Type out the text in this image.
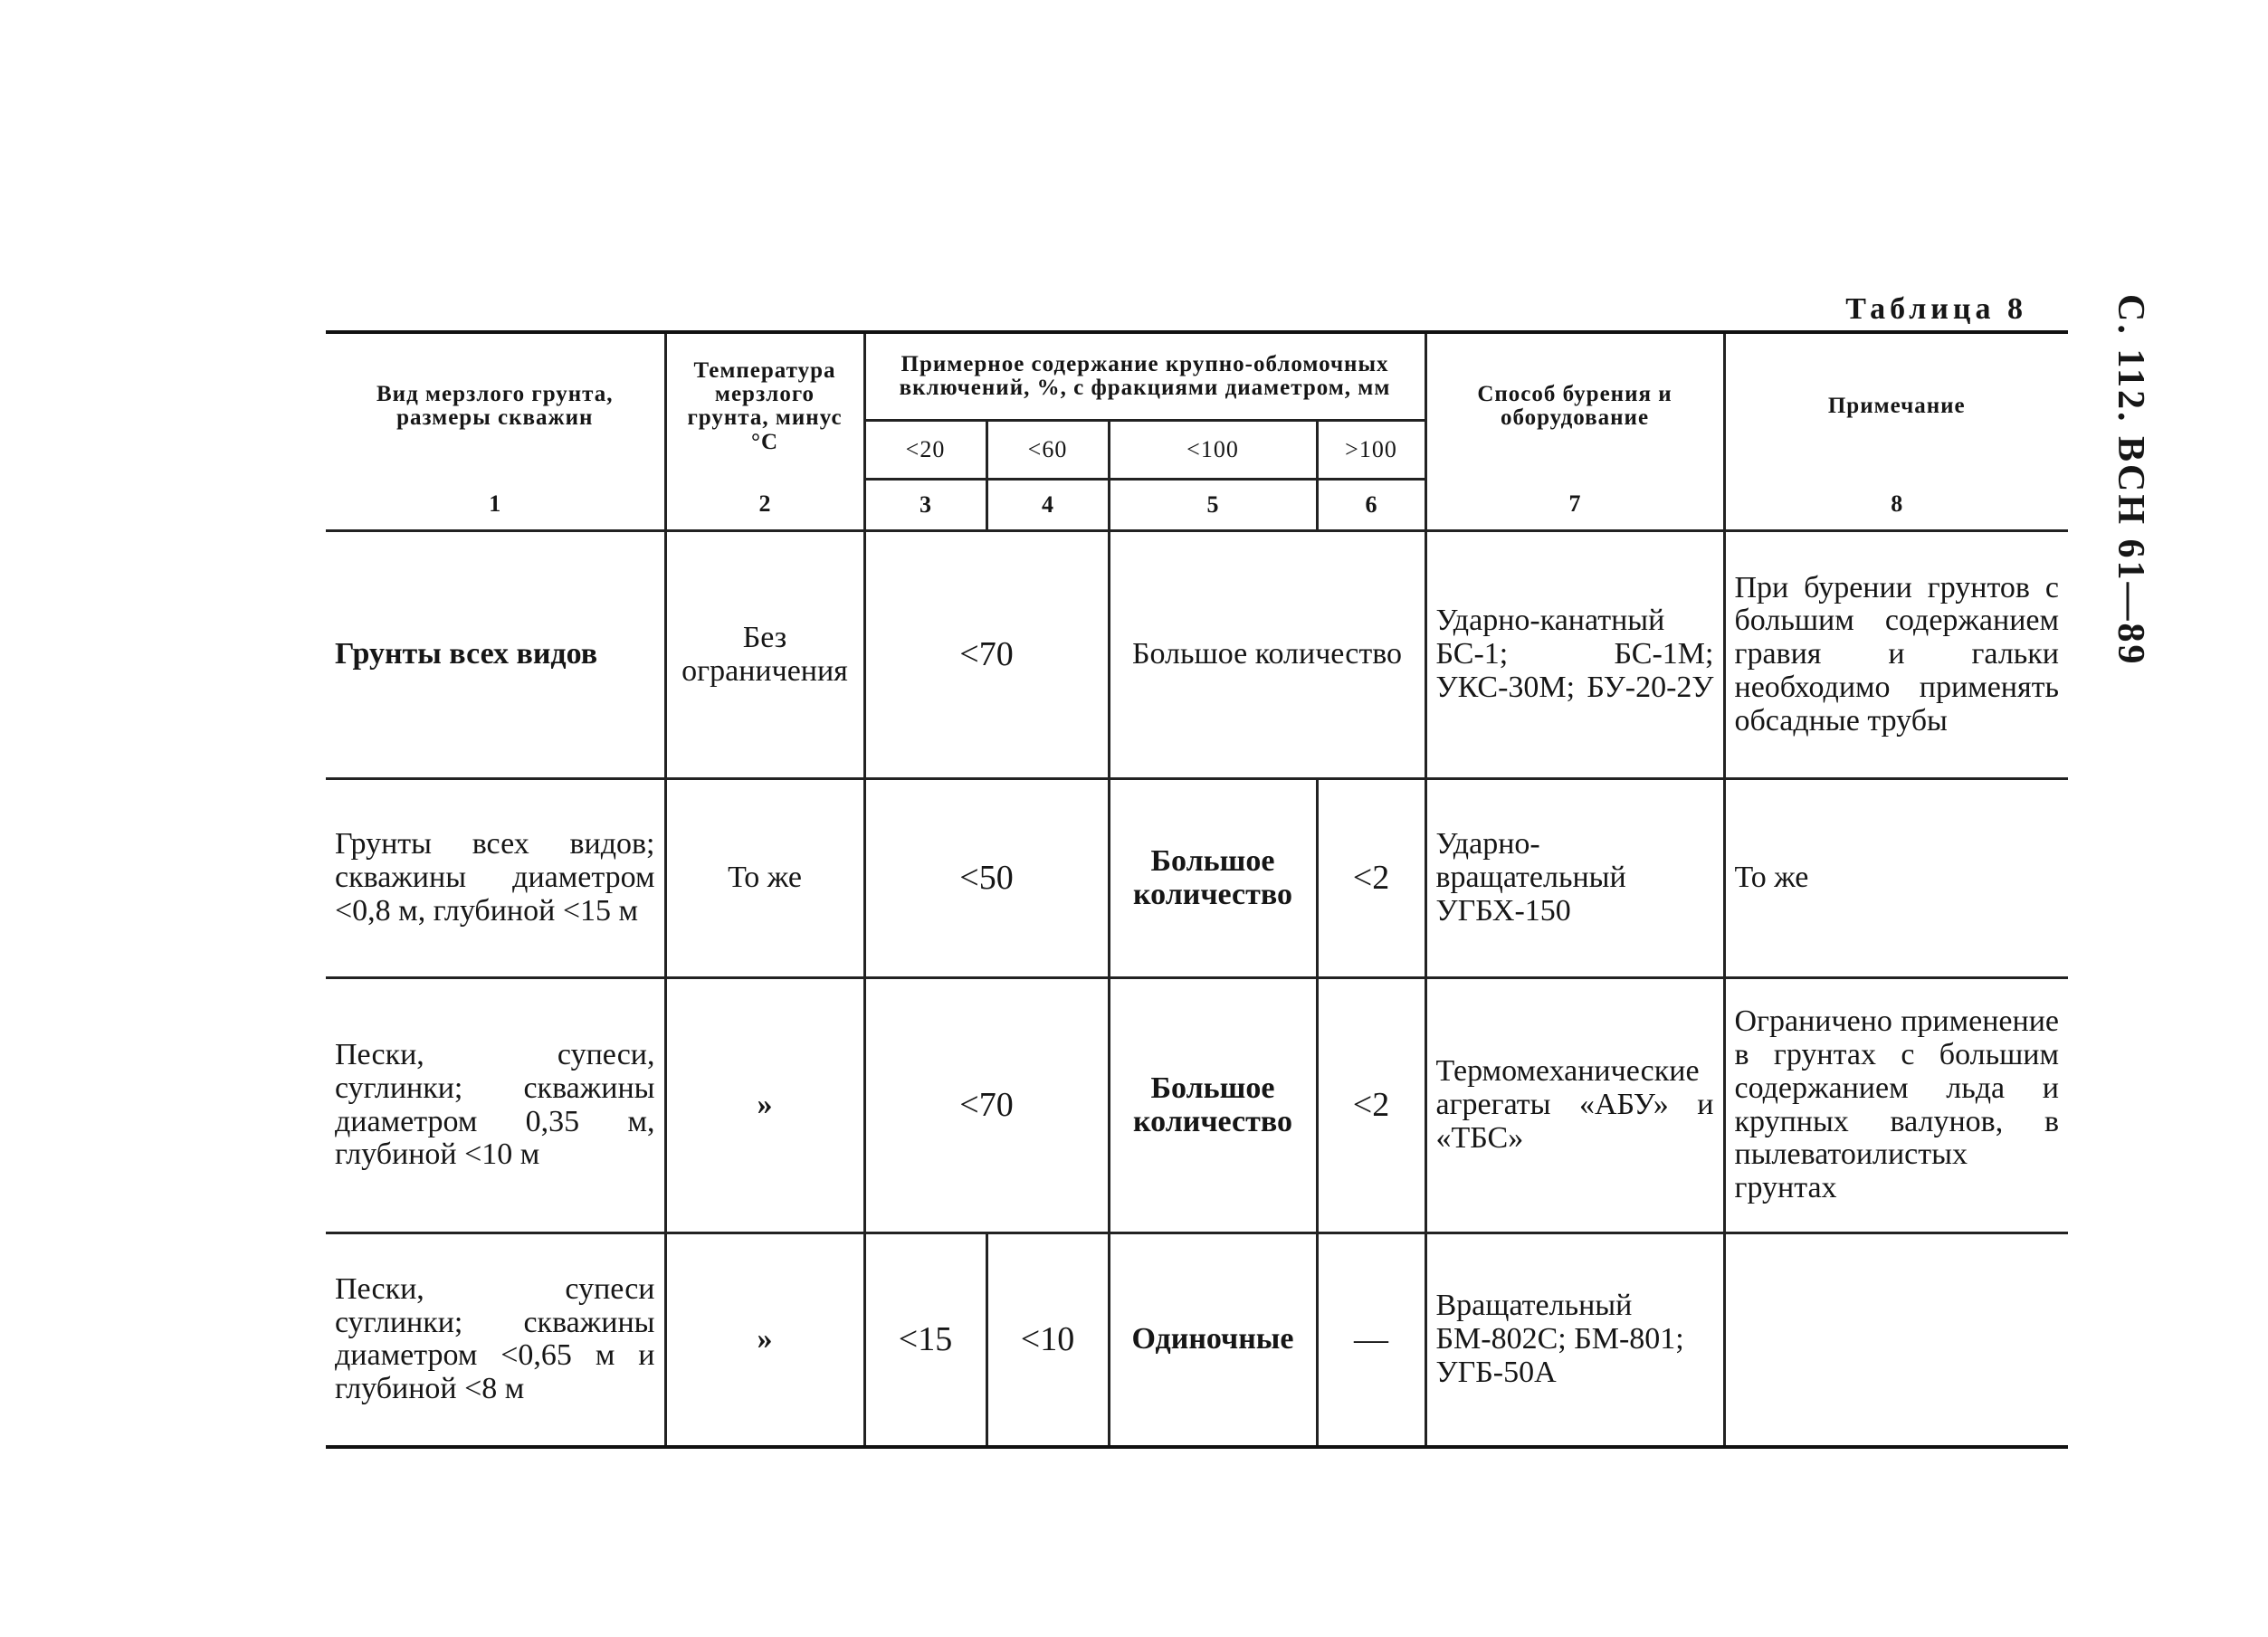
Таблица 8 С. 112. ВСН 61—89
Вид мерзлого грунта, размеры скважин	Температура мерзлого грунта, минус °С	Примерное содержание крупно-обломочных включений, %, с фракциями диаметром, мм				Способ бурения и оборудование	Примечание
		<20	<60	<100	>100		
1	2	3	4	5	6	7	8
Грунты всех видов	Без ограничения	<70		Большое количество		Ударно-канатный БС-1; БС-1М; УКС-30М; БУ-20-2У	При бурении грунтов с большим содержанием гравия и гальки необходимо применять обсадные трубы
Грунты всех видов; скважины диаметром <0,8 м, глубиной <15 м	То же	<50		Большое количество	<2	Ударно-вращательный УГБХ-150	То же
Пески, супеси, суглинки; скважины диаметром 0,35 м, глубиной <10 м	»	<70		Большое количество	<2	Термомеханические агрегаты «АБУ» и «ТБС»	Ограничено применение в грунтах с большим содержанием льда и крупных валунов, в пылеватоилистых грунтах
Пески, супеси суглинки; скважины диаметром <0,65 м и глубиной <8 м	»	<15	<10	Одиночные	—	Вращательный БМ-802С; БМ-801; УГБ-50А	
